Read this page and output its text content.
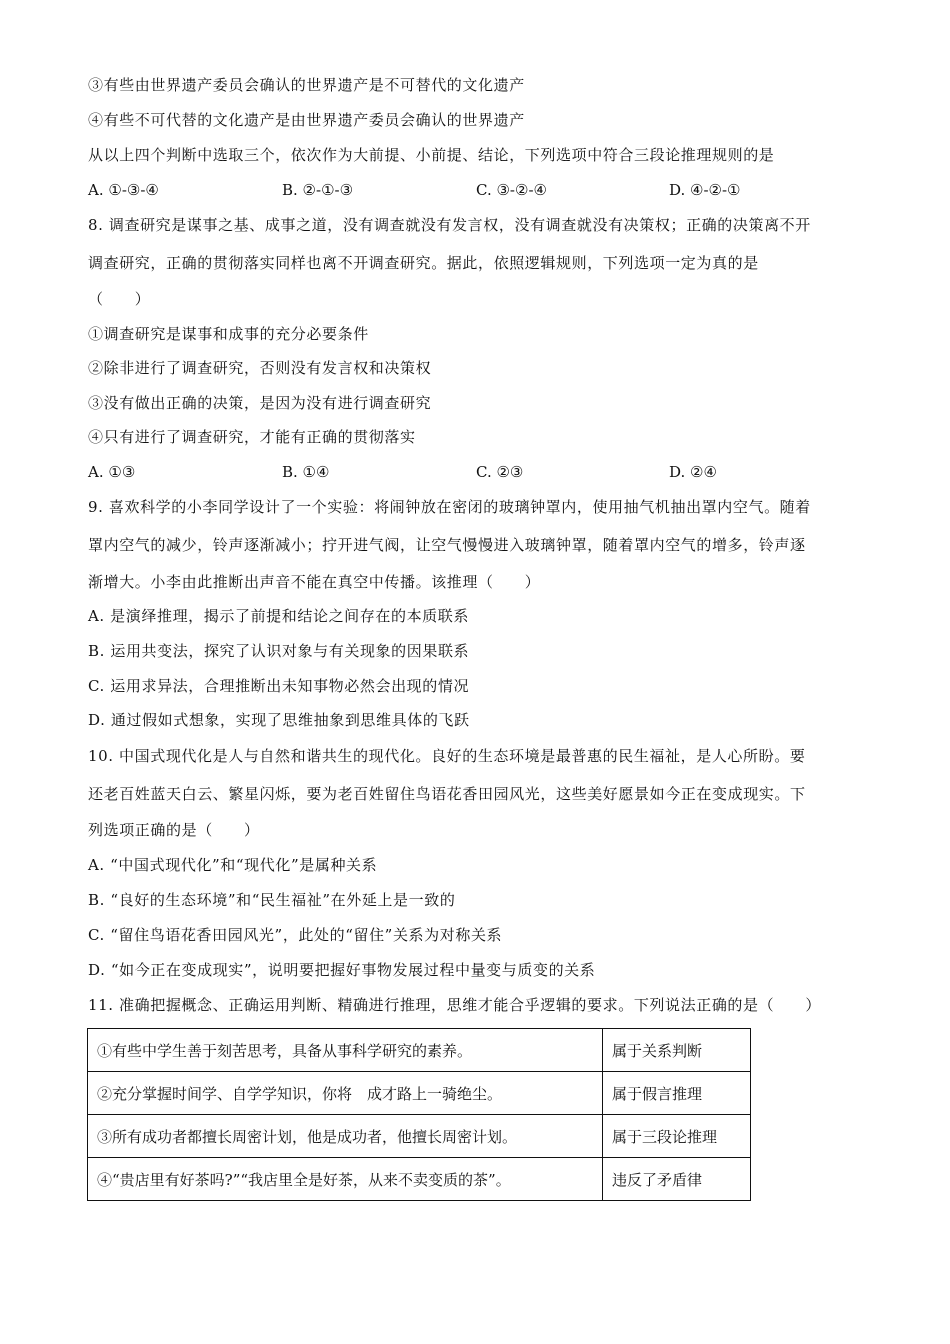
③有些由世界遗产委员会确认的世界遗产是不可替代的文化遗产
④有些不可代替的文化遗产是由世界遗产委员会确认的世界遗产
从以上四个判断中选取三个，依次作为大前提、小前提、结论，下列选项中符合三段论推理规则的是
A. ①-③-④	B. ②-①-③	C. ③-②-④	D. ④-②-①
8. 调查研究是谋事之基、成事之道，没有调查就没有发言权，没有调查就没有决策权；正确的决策离不开
调查研究，正确的贯彻落实同样也离不开调查研究。据此，依照逻辑规则，下列选项一定为真的是
（　　）
①调查研究是谋事和成事的充分必要条件
②除非进行了调查研究，否则没有发言权和决策权
③没有做出正确的决策，是因为没有进行调查研究
④只有进行了调查研究，才能有正确的贯彻落实
A. ①③	B. ①④	C. ②③	D. ②④
9. 喜欢科学的小李同学设计了一个实验：将闹钟放在密闭的玻璃钟罩内，使用抽气机抽出罩内空气。随着
罩内空气的减少，铃声逐渐减小；拧开进气阀，让空气慢慢进入玻璃钟罩，随着罩内空气的增多，铃声逐
渐增大。小李由此推断出声音不能在真空中传播。该推理（　　）
A. 是演绎推理，揭示了前提和结论之间存在的本质联系
B. 运用共变法，探究了认识对象与有关现象的因果联系
C. 运用求异法，合理推断出未知事物必然会出现的情况
D. 通过假如式想象，实现了思维抽象到思维具体的飞跃
10. 中国式现代化是人与自然和谐共生的现代化。良好的生态环境是最普惠的民生福祉，是人心所盼。要
还老百姓蓝天白云、繁星闪烁，要为老百姓留住鸟语花香田园风光，这些美好愿景如今正在变成现实。下
列选项正确的是（　　）
A. “中国式现代化”和“现代化”是属种关系
B. “良好的生态环境”和“民生福祉”在外延上是一致的
C. “留住鸟语花香田园风光”，此处的“留住”关系为对称关系
D. “如今正在变成现实”，说明要把握好事物发展过程中量变与质变的关系
11. 准确把握概念、正确运用判断、精确进行推理，思维才能合乎逻辑的要求。下列说法正确的是（　　）
①有些中学生善于刻苦思考，具备从事科学研究的素养。	属于关系判断
②充分掌握时间学、自学学知识，你将　成才路上一骑绝尘。	属于假言推理
③所有成功者都擅长周密计划，他是成功者，他擅长周密计划。	属于三段论推理
④“贵店里有好茶吗?”“我店里全是好茶，从来不卖变质的茶”。	违反了矛盾律
